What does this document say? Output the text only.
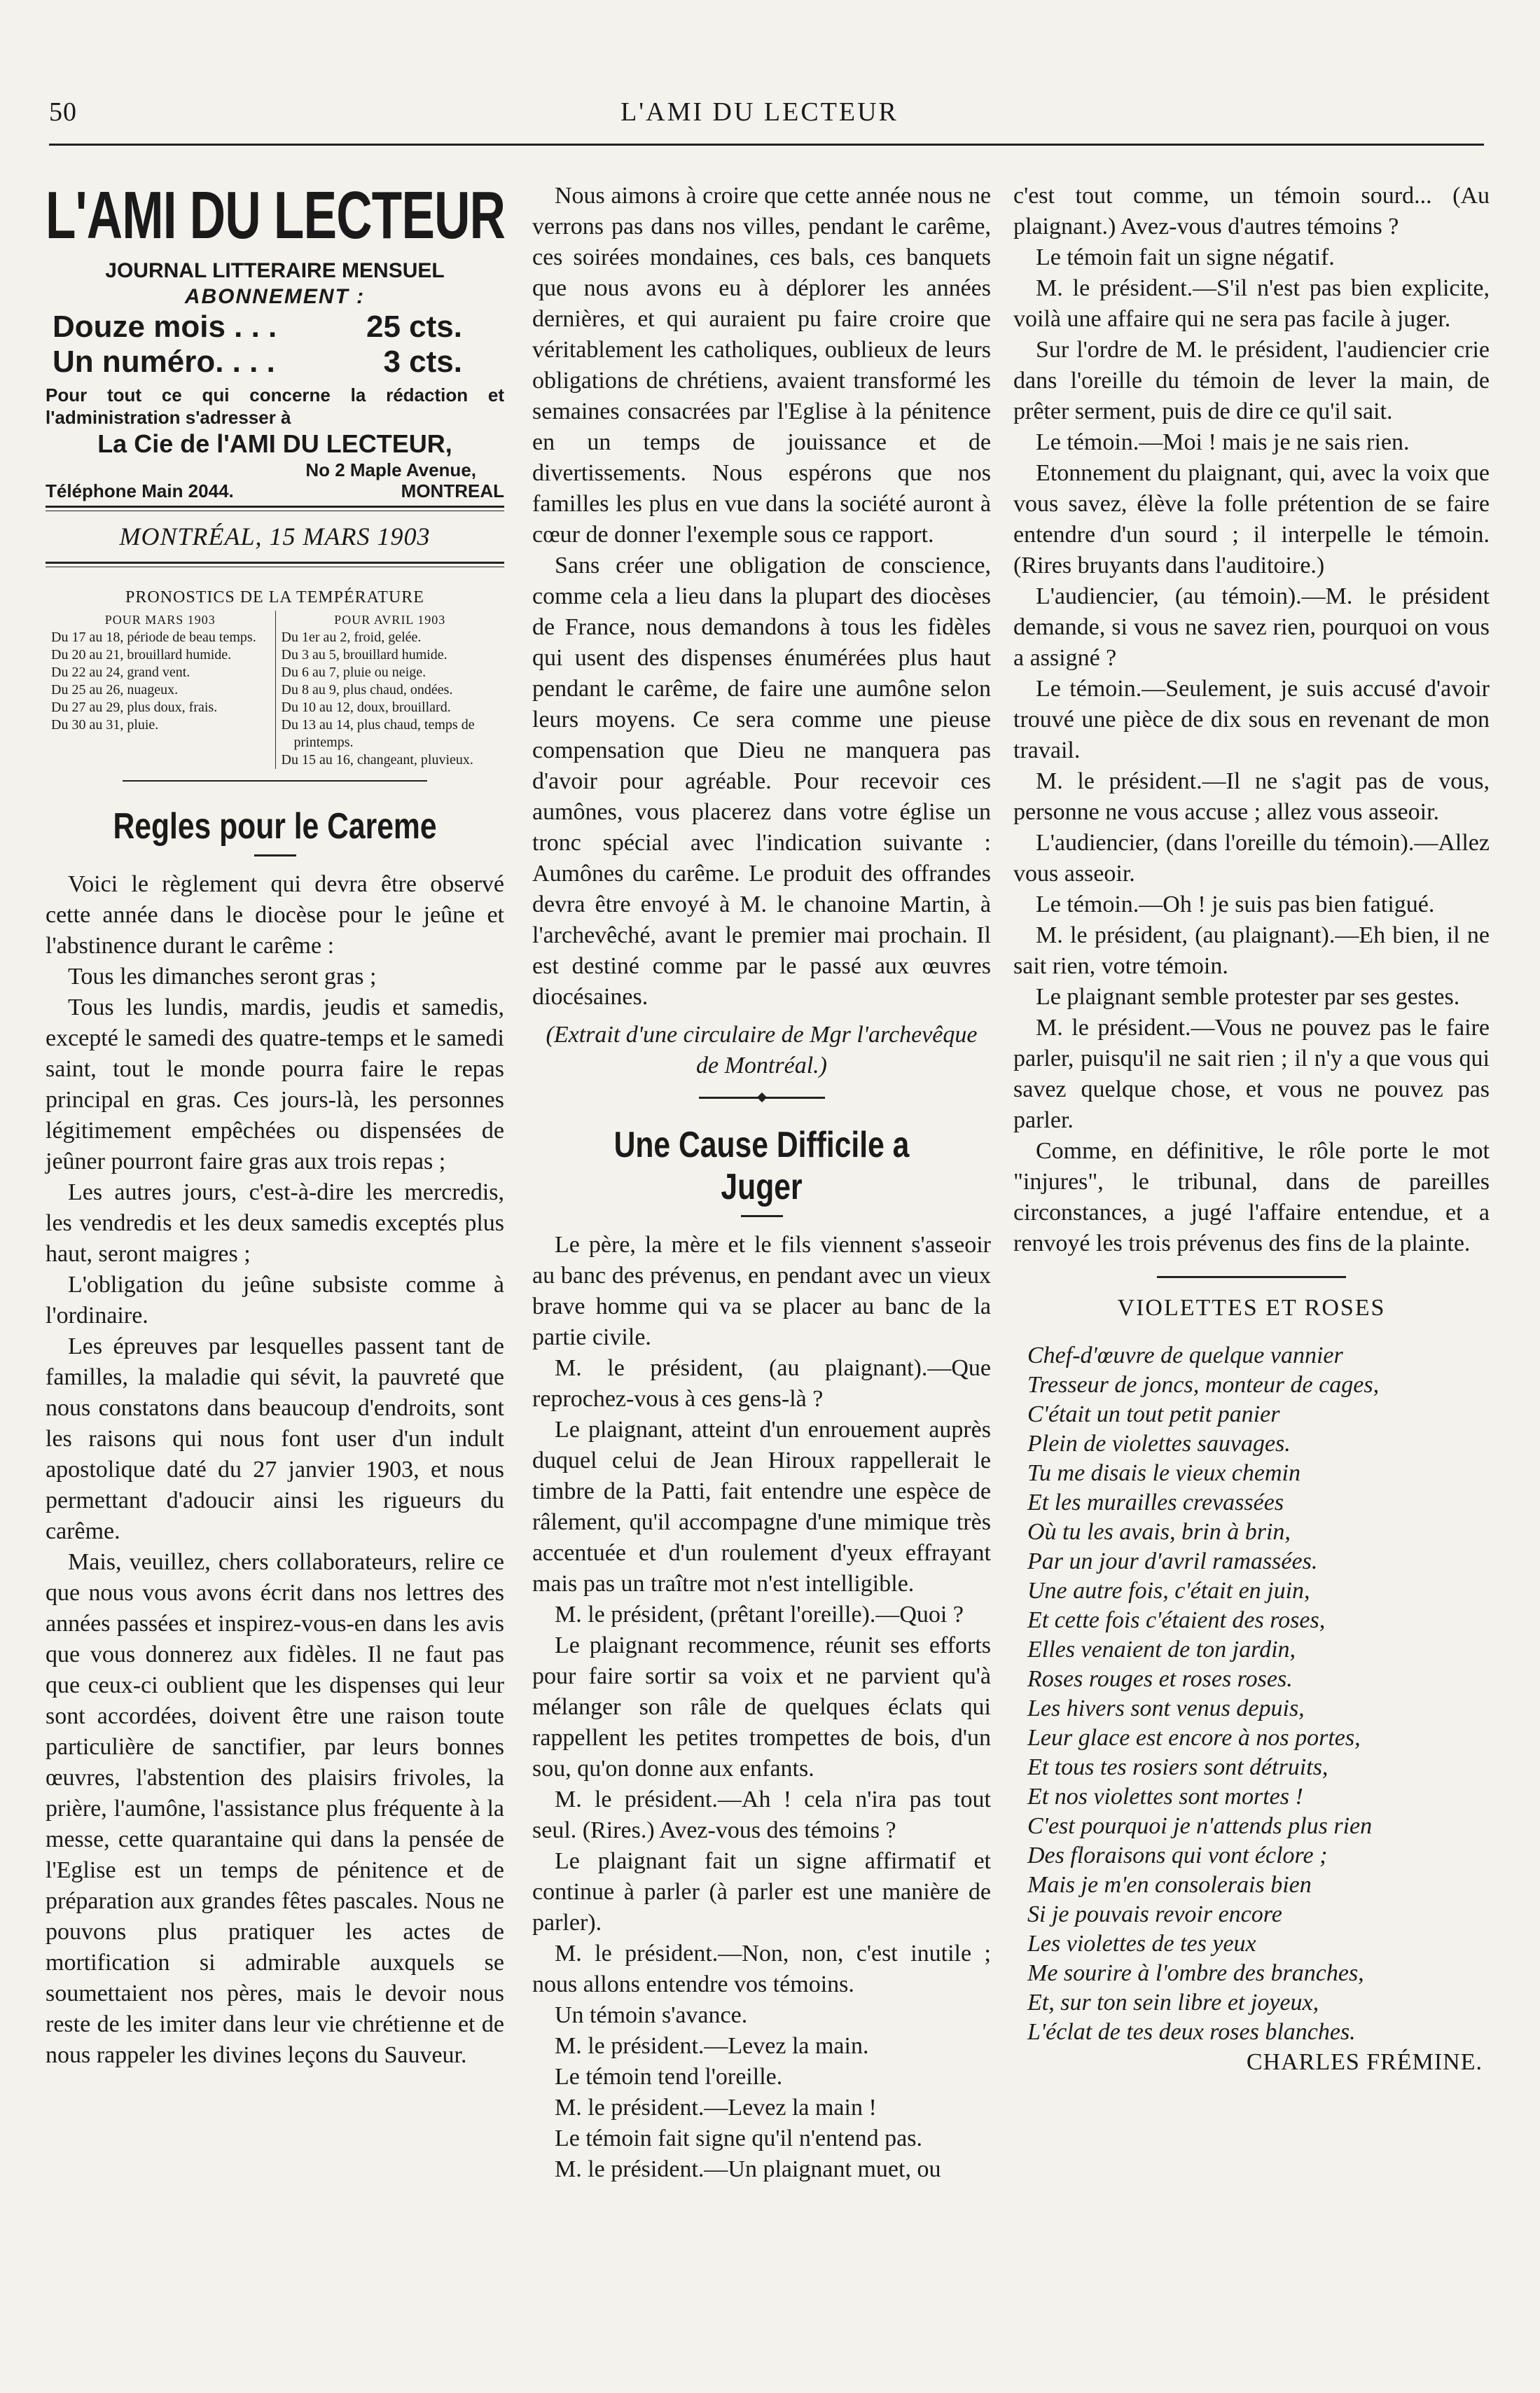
50	L'AMI DU LECTEUR
L'AMI DU LECTEUR
JOURNAL LITTERAIRE MENSUEL
ABONNEMENT :
Douze mois . . .	25 cts.
Un numéro. . . .	3 cts.
Pour tout ce qui concerne la rédaction et l'administration s'adresser à
La Cie de l'AMI DU LECTEUR,
No 2 Maple Avenue,
Téléphone Main 2044.	MONTREAL
MONTRÉAL, 15 MARS 1903
PRONOSTICS DE LA TEMPÉRATURE
POUR MARS 1903
Du 17 au 18, période de beau temps.
Du 20 au 21, brouillard humide.
Du 22 au 24, grand vent.
Du 25 au 26, nuageux.
Du 27 au 29, plus doux, frais.
Du 30 au 31, pluie.
POUR AVRIL 1903
Du 1er au 2, froid, gelée.
Du 3 au 5, brouillard humide.
Du 6 au 7, pluie ou neige.
Du 8 au 9, plus chaud, ondées.
Du 10 au 12, doux, brouillard.
Du 13 au 14, plus chaud, temps de printemps.
Du 15 au 16, changeant, pluvieux.
Regles pour le Careme

Voici le règlement qui devra être observé cette année dans le diocèse pour le jeûne et l'abstinence durant le carême :

Tous les dimanches seront gras ;

Tous les lundis, mardis, jeudis et samedis, excepté le samedi des quatre-temps et le samedi saint, tout le monde pourra faire le repas principal en gras. Ces jours-là, les personnes légitimement empêchées ou dispensées de jeûner pourront faire gras aux trois repas ;

Les autres jours, c'est-à-dire les mercredis, les vendredis et les deux samedis exceptés plus haut, seront maigres ;

L'obligation du jeûne subsiste comme à l'ordinaire.

Les épreuves par lesquelles passent tant de familles, la maladie qui sévit, la pauvreté que nous constatons dans beaucoup d'endroits, sont les raisons qui nous font user d'un indult apostolique daté du 27 janvier 1903, et nous permettant d'adoucir ainsi les rigueurs du carême.

Mais, veuillez, chers collaborateurs, relire ce que nous vous avons écrit dans nos lettres des années passées et inspirez-vous-en dans les avis que vous donnerez aux fidèles. Il ne faut pas que ceux-ci oublient que les dispenses qui leur sont accordées, doivent être une raison toute particulière de sanctifier, par leurs bonnes œuvres, l'abstention des plaisirs frivoles, la prière, l'aumône, l'assistance plus fréquente à la messe, cette quarantaine qui dans la pensée de l'Eglise est un temps de pénitence et de préparation aux grandes fêtes pascales. Nous ne pouvons plus pratiquer les actes de mortification si admirable auxquels se soumettaient nos pères, mais le devoir nous reste de les imiter dans leur vie chrétienne et de nous rappeler les divines leçons du Sauveur.

Nous aimons à croire que cette année nous ne verrons pas dans nos villes, pendant le carême, ces soirées mondaines, ces bals, ces banquets que nous avons eu à déplorer les années dernières, et qui auraient pu faire croire que véritablement les catholiques, oublieux de leurs obligations de chrétiens, avaient transformé les semaines consacrées par l'Eglise à la pénitence en un temps de jouissance et de divertissements. Nous espérons que nos familles les plus en vue dans la société auront à cœur de donner l'exemple sous ce rapport.

Sans créer une obligation de conscience, comme cela a lieu dans la plupart des diocèses de France, nous demandons à tous les fidèles qui usent des dispenses énumérées plus haut pendant le carême, de faire une aumône selon leurs moyens. Ce sera comme une pieuse compensation que Dieu ne manquera pas d'avoir pour agréable. Pour recevoir ces aumônes, vous placerez dans votre église un tronc spécial avec l'indication suivante : Aumônes du carême. Le produit des offrandes devra être envoyé à M. le chanoine Martin, à l'archevêché, avant le premier mai prochain. Il est destiné comme par le passé aux œuvres diocésaines.

(Extrait d'une circulaire de Mgr l'archevêque de Montréal.)

Une Cause Difficile a Juger

Le père, la mère et le fils viennent s'asseoir au banc des prévenus, en pendant avec un vieux brave homme qui va se placer au banc de la partie civile.

M. le président, (au plaignant).—Que reprochez-vous à ces gens-là ?

Le plaignant, atteint d'un enrouement auprès duquel celui de Jean Hiroux rappellerait le timbre de la Patti, fait entendre une espèce de râlement, qu'il accompagne d'une mimique très accentuée et d'un roulement d'yeux effrayant mais pas un traître mot n'est intelligible.

M. le président, (prêtant l'oreille).—Quoi ?

Le plaignant recommence, réunit ses efforts pour faire sortir sa voix et ne parvient qu'à mélanger son râle de quelques éclats qui rappellent les petites trompettes de bois, d'un sou, qu'on donne aux enfants.

M. le président.—Ah ! cela n'ira pas tout seul. (Rires.) Avez-vous des témoins ?

Le plaignant fait un signe affirmatif et continue à parler (à parler est une manière de parler).

M. le président.—Non, non, c'est inutile ; nous allons entendre vos témoins.

Un témoin s'avance.

M. le président.—Levez la main.

Le témoin tend l'oreille.

M. le président.—Levez la main !

Le témoin fait signe qu'il n'entend pas.

M. le président.—Un plaignant muet, ou

c'est tout comme, un témoin sourd... (Au plaignant.) Avez-vous d'autres témoins ?

Le témoin fait un signe négatif.

M. le président.—S'il n'est pas bien explicite, voilà une affaire qui ne sera pas facile à juger.

Sur l'ordre de M. le président, l'audiencier crie dans l'oreille du témoin de lever la main, de prêter serment, puis de dire ce qu'il sait.

Le témoin.—Moi ! mais je ne sais rien.

Etonnement du plaignant, qui, avec la voix que vous savez, élève la folle prétention de se faire entendre d'un sourd ; il interpelle le témoin. (Rires bruyants dans l'auditoire.)

L'audiencier, (au témoin).—M. le président demande, si vous ne savez rien, pourquoi on vous a assigné ?

Le témoin.—Seulement, je suis accusé d'avoir trouvé une pièce de dix sous en revenant de mon travail.

M. le président.—Il ne s'agit pas de vous, personne ne vous accuse ; allez vous asseoir.

L'audiencier, (dans l'oreille du témoin).—Allez vous asseoir.

Le témoin.—Oh ! je suis pas bien fatigué.

M. le président, (au plaignant).—Eh bien, il ne sait rien, votre témoin.

Le plaignant semble protester par ses gestes.

M. le président.—Vous ne pouvez pas le faire parler, puisqu'il ne sait rien ; il n'y a que vous qui savez quelque chose, et vous ne pouvez pas parler.

Comme, en définitive, le rôle porte le mot "injures", le tribunal, dans de pareilles circonstances, a jugé l'affaire entendue, et a renvoyé les trois prévenus des fins de la plainte.

VIOLETTES ET ROSES
Chef-d'œuvre de quelque vannier
Tresseur de joncs, monteur de cages,
C'était un tout petit panier
Plein de violettes sauvages.
Tu me disais le vieux chemin
Et les murailles crevassées
Où tu les avais, brin à brin,
Par un jour d'avril ramassées.
Une autre fois, c'était en juin,
Et cette fois c'étaient des roses,
Elles venaient de ton jardin,
Roses rouges et roses roses.
Les hivers sont venus depuis,
Leur glace est encore à nos portes,
Et tous tes rosiers sont détruits,
Et nos violettes sont mortes !
C'est pourquoi je n'attends plus rien
Des floraisons qui vont éclore ;
Mais je m'en consolerais bien
Si je pouvais revoir encore
Les violettes de tes yeux
Me sourire à l'ombre des branches,
Et, sur ton sein libre et joyeux,
L'éclat de tes deux roses blanches.
CHARLES FRÉMINE.
